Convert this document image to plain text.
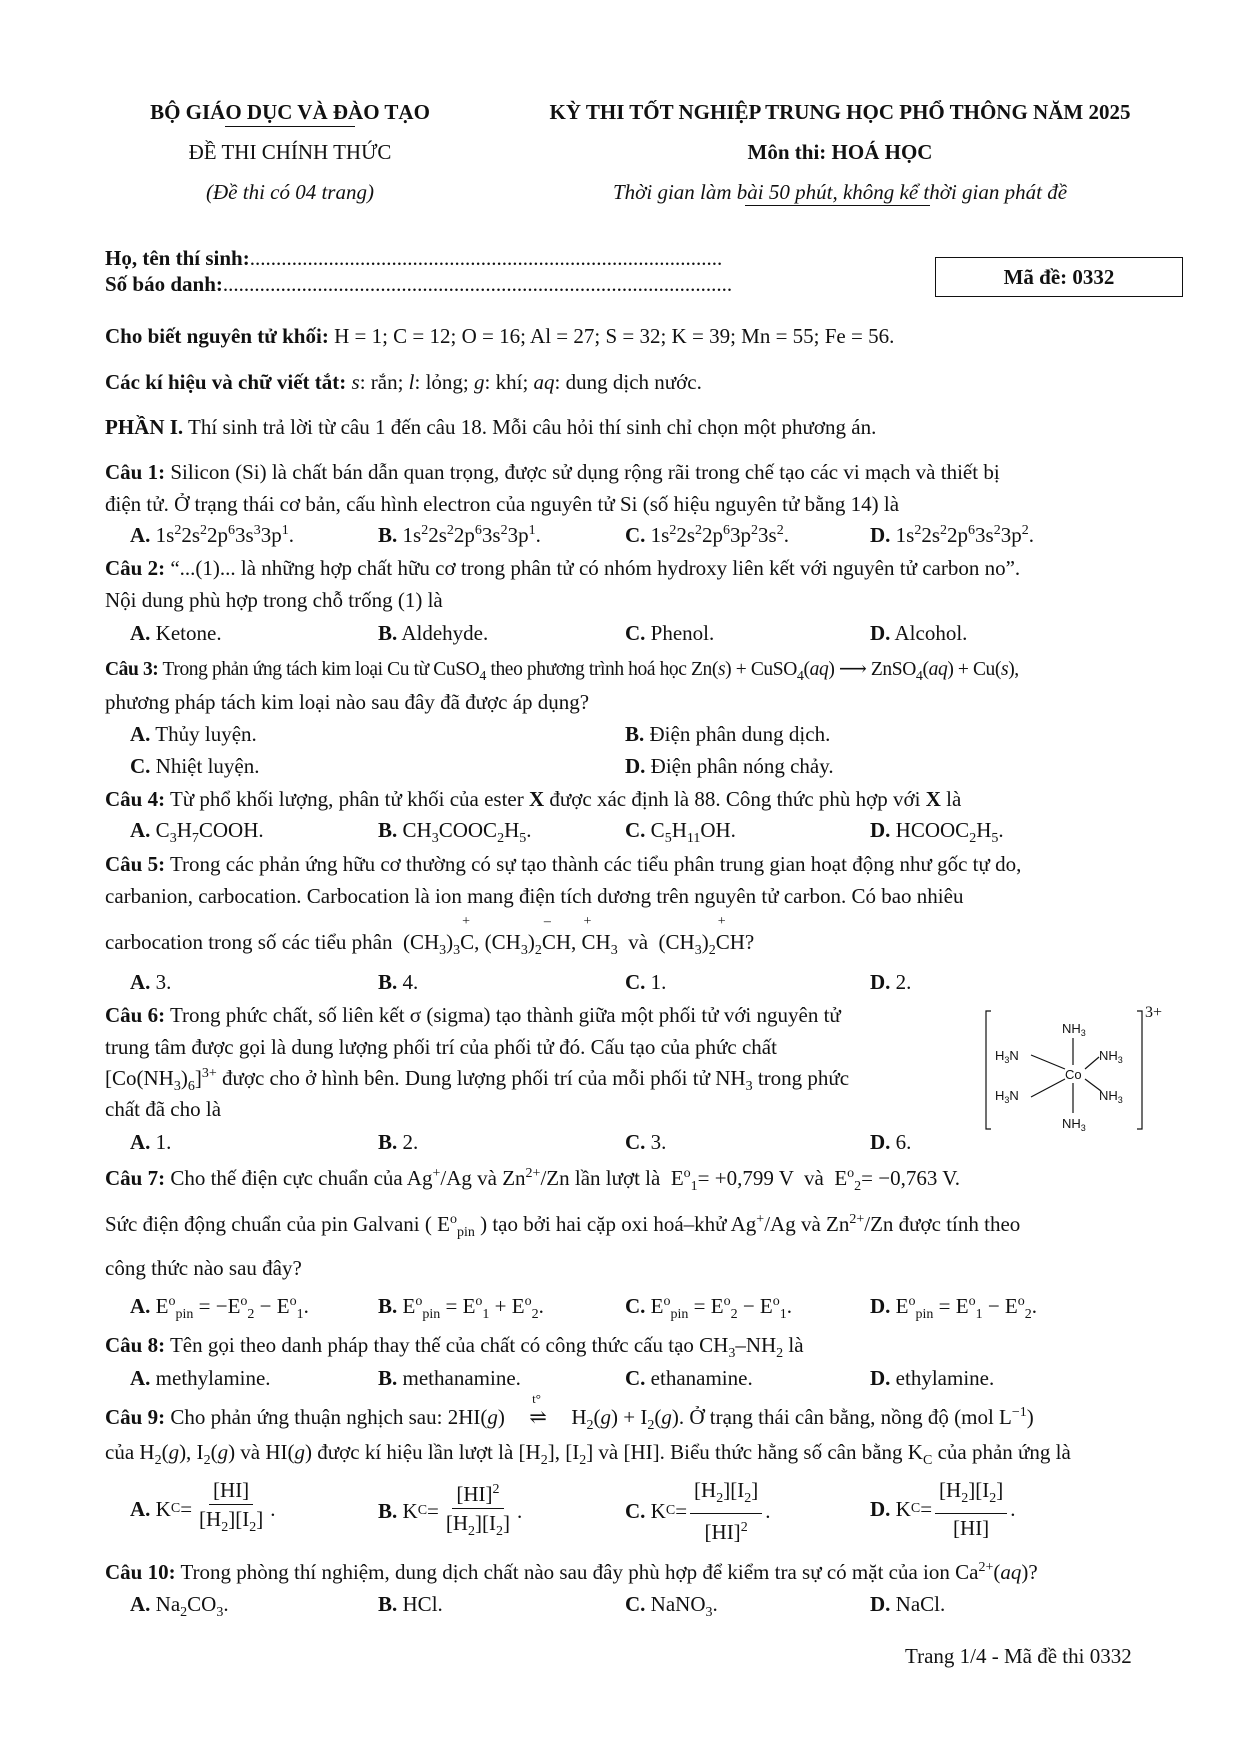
BỘ GIÁO DỤC VÀ ĐÀO TẠO
ĐỀ THI CHÍNH THỨC
(Đề thi có 04 trang)
KỲ THI TỐT NGHIỆP TRUNG HỌC PHỔ THÔNG NĂM 2025
Môn thi: HOÁ HỌC
Thời gian làm bài 50 phút, không kể thời gian phát đề
Họ, tên thí sinh:..........................................................................................
Số báo danh:.................................................................................................	Mã đề: 0332
Cho biết nguyên tử khối: H = 1; C = 12; O = 16; Al = 27; S = 32; K = 39; Mn = 55; Fe = 56.
Các kí hiệu và chữ viết tắt: s: rắn; l: lỏng; g: khí; aq: dung dịch nước.
PHẦN I. Thí sinh trả lời từ câu 1 đến câu 18. Mỗi câu hỏi thí sinh chỉ chọn một phương án.
Câu 1: Silicon (Si) là chất bán dẫn quan trọng, được sử dụng rộng rãi trong chế tạo các vi mạch và thiết bị
điện tử. Ở trạng thái cơ bản, cấu hình electron của nguyên tử Si (số hiệu nguyên tử bằng 14) là
A. $1s^22s^22p^63s^33p^1$.	B. $1s^22s^22p^63s^23p^1$.	C. $1s^22s^22p^63p^23s^2$.	D. $1s^22s^22p^63s^23p^2$.
Câu 2: “...(1)... là những hợp chất hữu cơ trong phân tử có nhóm hydroxy liên kết với nguyên tử carbon no”.
Nội dung phù hợp trong chỗ trống (1) là
A. Ketone.	B. Aldehyde.	C. Phenol.	D. Alcohol.
Câu 3: Trong phản ứng tách kim loại Cu từ CuSO$_4$ theo phương trình hoá học Zn(s) + CuSO$_4$(aq) ⟶ ZnSO$_4$(aq) + Cu(s),
phương pháp tách kim loại nào sau đây đã được áp dụng?
A. Thủy luyện.	B. Điện phân dung dịch.
C. Nhiệt luyện.	D. Điện phân nóng chảy.
Câu 4: Từ phổ khối lượng, phân tử khối của ester X được xác định là 88. Công thức phù hợp với X là
A. $C_3H_7COOH$.	B. $CH_3COOC_2H_5$.	C. $C_5H_{11}OH$.	D. $HCOOC_2H_5$.
Câu 5: Trong các phản ứng hữu cơ thường có sự tạo thành các tiểu phân trung gian hoạt động như gốc tự do,
carbanion, carbocation. Carbocation là ion mang điện tích dương trên nguyên tử carbon. Có bao nhiêu
carbocation trong số các tiểu phân  $(CH_3)_3+ C$, $(CH_3)_2-$ CH, + $CH_3$  và  $(CH_3)_2+$ CH?
A. 3.	B. 4.	C. 1.	D. 2.
Câu 6: Trong phức chất, số liên kết σ (sigma) tạo thành giữa một phối tử với nguyên tử
trung tâm được gọi là dung lượng phối trí của phối tử đó. Cấu tạo của phức chất
$[Co(NH_3)_6]^{3+}$ được cho ở hình bên. Dung lượng phối trí của mỗi phối tử $NH_3$ trong phức
chất đã cho là
A. 1.	B. 2.	C. 3.	D. 6.
$NH_3$
$H_3N$	$NH_3$
Co
$H_3N$	$NH_3$
$NH_3$
3+
Câu 7: Cho thế điện cực chuẩn của Ag+/Ag và $Zn^{2+}/Zn$ lần lượt là  $E^o_1= +0,799$ V  và  $E^o_2= -0,763$ V.
Sức điện động chuẩn của pin Galvani ( $E^o_{pin}$ ) tạo bởi hai cặp oxi hoá–khử Ag+/Ag và $Zn^{2+}/Zn$ được tính theo
công thức nào sau đây?
A. $E^o_{pin} = -E^o_2 - E^o_1$.	B. $E^o_{pin} = E^o_1 + E^o_2$.	C. $E^o_{pin} = E^o_2 - E^o_1$.	D. $E^o_{pin} = E^o_1 - E^o_2$.
Câu 8: Tên gọi theo danh pháp thay thế của chất có công thức cấu tạo $CH_3-NH_2$ là
A. methylamine.	B. methanamine.	C. ethanamine.	D. ethylamine.
Câu 9: Cho phản ứng thuận nghịch sau: 2HI(g)
t°
⇌ $H_2(g) + I_2(g)$. Ở trạng thái cân bằng, nồng độ (mol $L^{-1}$)
của $H_2(g)$, $I_2(g)$ và HI(g) được kí hiệu lần lượt là $[H_2]$, $[I_2]$ và [HI]. Biểu thức hằng số cân bằng $K_C$ của phản ứng là
A. K $C = \frac{[HI]}{[H_2][I_2]}$ .	B. K $C = \frac{[HI]^2}{[H_2][I_2]}$ .	C. K $C = \frac{[H_2][I_2]}{[HI]^2}$ .	D. K $C = \frac{[H_2][I_2]}{[HI]}$ .
Câu 10: Trong phòng thí nghiệm, dung dịch chất nào sau đây phù hợp để kiểm tra sự có mặt của ion $Ca^{2+}(aq)$?
A. $Na_2CO_3$.	B. HCl.	C. NaNO$_3$.	D. NaCl.
Trang 1/4 - Mã đề thi 0332
